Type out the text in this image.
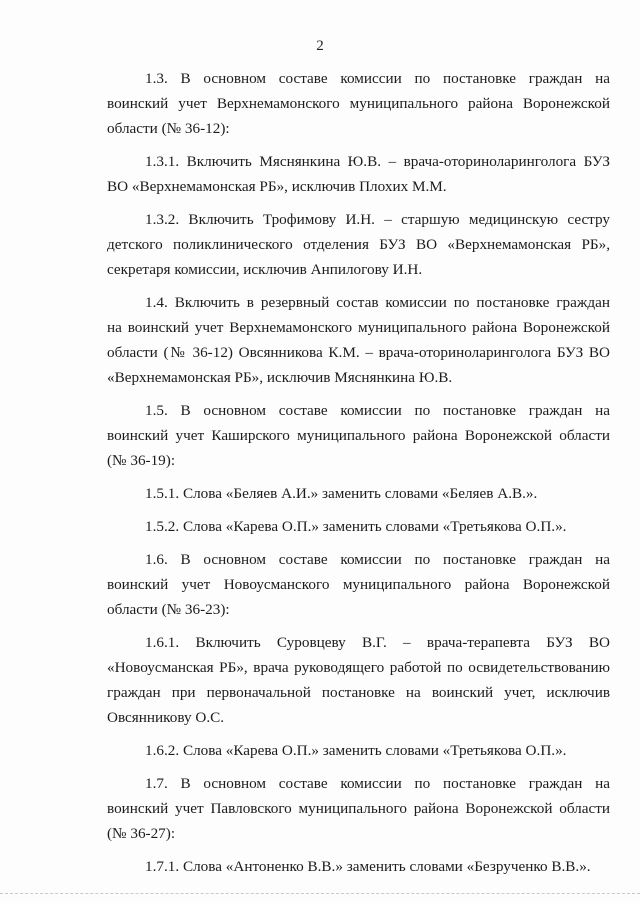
2
1.3. В основном составе комиссии по постановке граждан на
воинский учет Верхнемамонского муниципального района Воронежской
области (№ 36-12):
1.3.1. Включить Мяснянкина Ю.В. – врача-оториноларинголога БУЗ
ВО «Верхнемамонская РБ», исключив Плохих М.М.
1.3.2. Включить Трофимову И.Н. – старшую медицинскую сестру
детского поликлинического отделения БУЗ ВО «Верхнемамонская РБ»,
секретаря комиссии, исключив Анпилогову И.Н.
1.4. Включить в резервный состав комиссии по постановке граждан
на воинский учет Верхнемамонского муниципального района Воронежской
области (№ 36-12) Овсянникова К.М. – врача-оториноларинголога БУЗ ВО
«Верхнемамонская РБ», исключив Мяснянкина Ю.В.
1.5. В основном составе комиссии по постановке граждан на
воинский учет Каширского муниципального района Воронежской области
(№ 36-19):
1.5.1. Слова «Беляев А.И.» заменить словами «Беляев А.В.».
1.5.2. Слова «Карева О.П.» заменить словами «Третьякова О.П.».
1.6. В основном составе комиссии по постановке граждан на
воинский учет Новоусманского муниципального района Воронежской
области (№ 36-23):
1.6.1. Включить Суровцеву В.Г. – врача-терапевта БУЗ ВО
«Новоусманская РБ», врача руководящего работой по освидетельствованию
граждан при первоначальной постановке на воинский учет, исключив
Овсянникову О.С.
1.6.2. Слова «Карева О.П.» заменить словами «Третьякова О.П.».
1.7. В основном составе комиссии по постановке граждан на
воинский учет Павловского муниципального района Воронежской области
(№ 36-27):
1.7.1. Слова «Антоненко В.В.» заменить словами «Безрученко В.В.».
